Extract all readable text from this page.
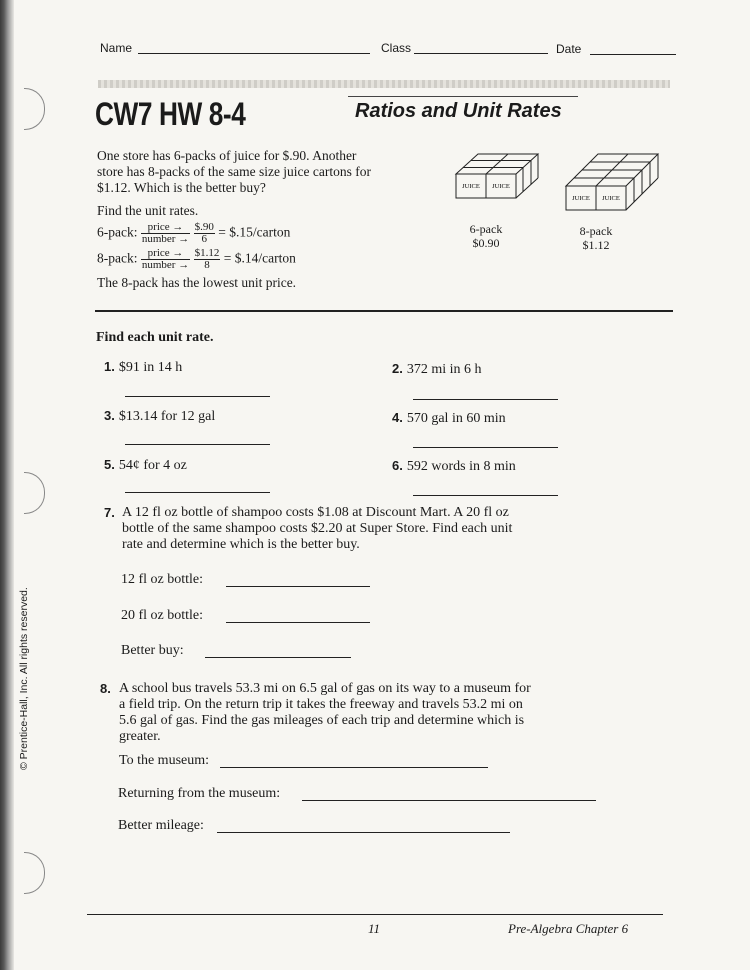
Name	Class	Date
CW7 HW 8-4	Ratios and Unit Rates
One store has 6-packs of juice for $.90. Another
store has 8-packs of the same size juice cartons for
$1.12. Which is the better buy?
Find the unit rates.
6-pack: $\frac{\text{price →}}{\text{number →}}$
$\frac{\$.90}{6}$ = $.15/carton
8-pack: $\frac{\text{price →}}{\text{number →}}$
$\frac{\$1.12}{8}$ = $.14/carton
The 8-pack has the lowest unit price.
JUICE JUICE
6-pack
$0.90
JUICE JUICE
8-pack
$1.12
Find each unit rate.
1. $91 in 14 h	2. 372 mi in 6 h
3. $13.14 for 12 gal	4. 570 gal in 60 min
5. 54¢ for 4 oz	6. 592 words in 8 min
7. A 12 fl oz bottle of shampoo costs $1.08 at Discount Mart. A 20 fl oz
bottle of the same shampoo costs $2.20 at Super Store. Find each unit
rate and determine which is the better buy.
12 fl oz bottle:
20 fl oz bottle:
Better buy:
8. A school bus travels 53.3 mi on 6.5 gal of gas on its way to a museum for
a field trip. On the return trip it takes the freeway and travels 53.2 mi on
5.6 gal of gas. Find the gas mileages of each trip and determine which is
greater.
To the museum:
Returning from the museum:
Better mileage:
11	Pre-Algebra Chapter 6
© Prentice-Hall, Inc. All rights reserved.
